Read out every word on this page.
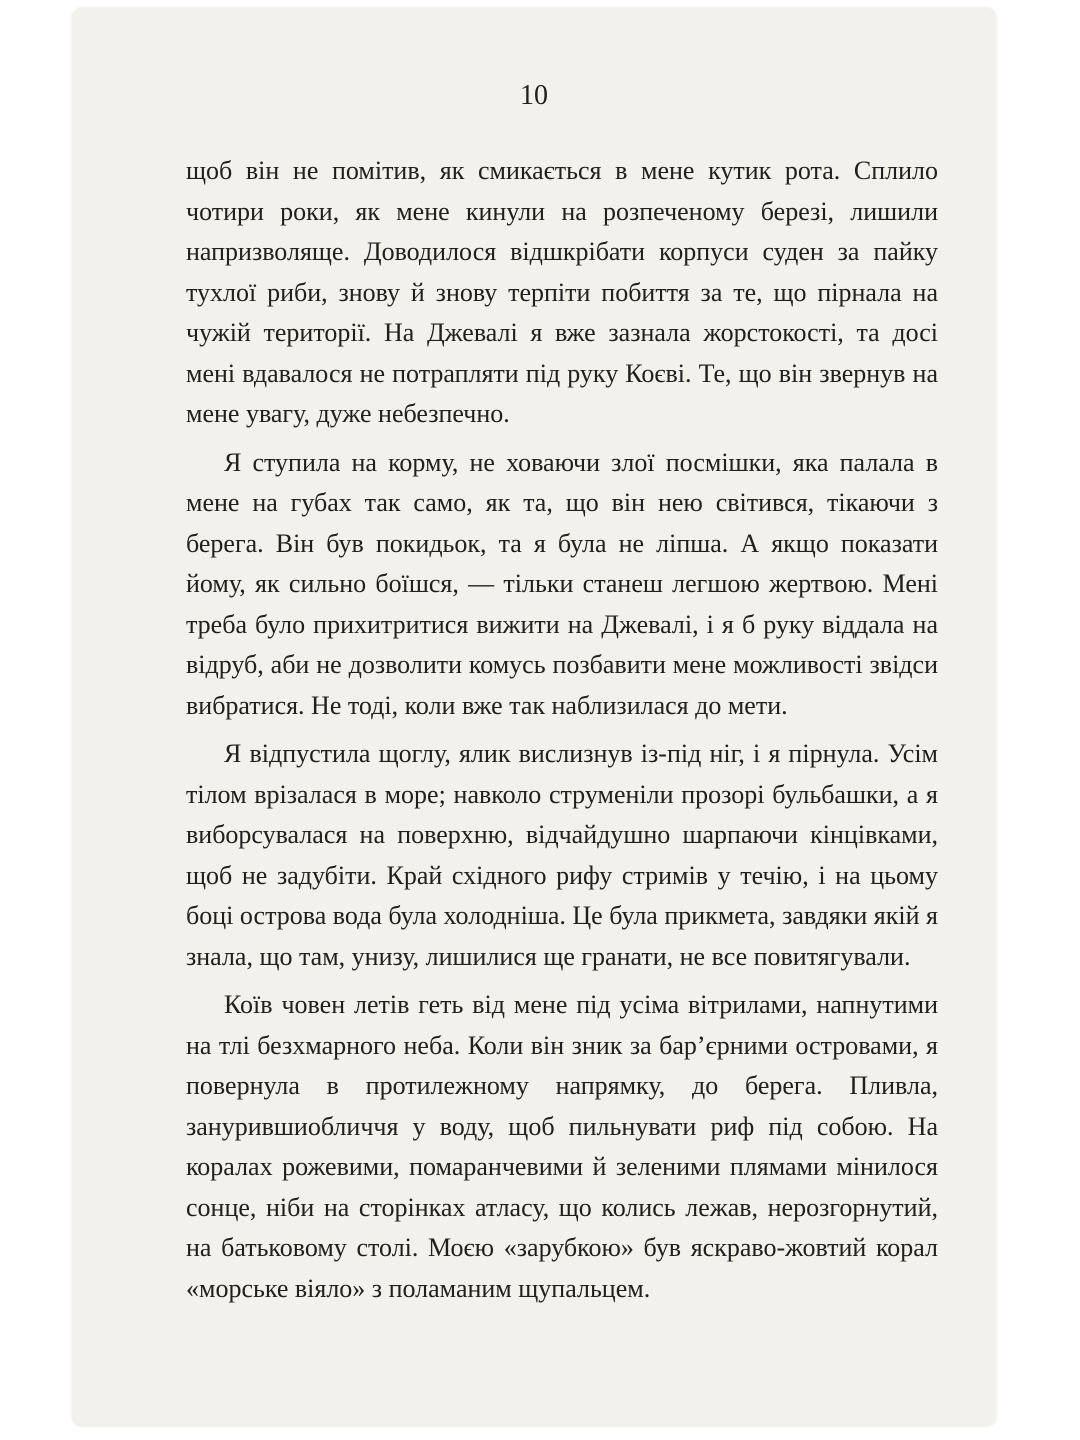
10

щоб він не помітив, як смикається в мене кутик рота. Сплило чотири роки, як мене кинули на розпеченому березі, лишили напризволяще. Доводилося відшкрібати корпуси суден за пайку тухлої риби, знову й знову терпіти побиття за те, що пірнала на чужій території. На Джевалі я вже зазнала жорстокості, та досі мені вдавалося не потрапляти під руку Коєві. Те, що він звернув на мене увагу, дуже небезпечно.

Я ступила на корму, не ховаючи злої посмішки, яка палала в мене на губах так само, як та, що він нею світився, тікаючи з берега. Він був покидьок, та я була не ліпша. А якщо показати йому, як сильно боїшся, — тільки станеш легшою жертвою. Мені треба було прихитритися вижити на Джевалі, і я б руку віддала на відруб, аби не дозволити комусь позбавити мене можливості звідси вибратися. Не тоді, коли вже так наблизилася до мети.

Я відпустила щоглу, ялик вислизнув із-під ніг, і я пірнула. Усім тілом врізалася в море; навколо струменіли прозорі бульбашки, а я виборсувалася на поверхню, відчайдушно шарпаючи кінцівками, щоб не задубіти. Край східного рифу стримів у течію, і на цьому боці острова вода була холодніша. Це була прикмета, завдяки якій я знала, що там, унизу, лишилися ще гранати, не все повитягували.

Коїв човен летів геть від мене під усіма вітрилами, напнутими на тлі безхмарного неба. Коли він зник за бар’єрними островами, я повернула в протилежному напрямку, до берега. Пливла, занурившиобличчя у воду, щоб пильнувати риф під собою. На коралах рожевими, помаранчевими й зеленими плямами мінилося сонце, ніби на сторінках атласу, що колись лежав, нерозгорнутий, на батьковому столі. Моєю «зарубкою» був яскраво-жовтий корал «морське віяло» з поламаним щупальцем.
